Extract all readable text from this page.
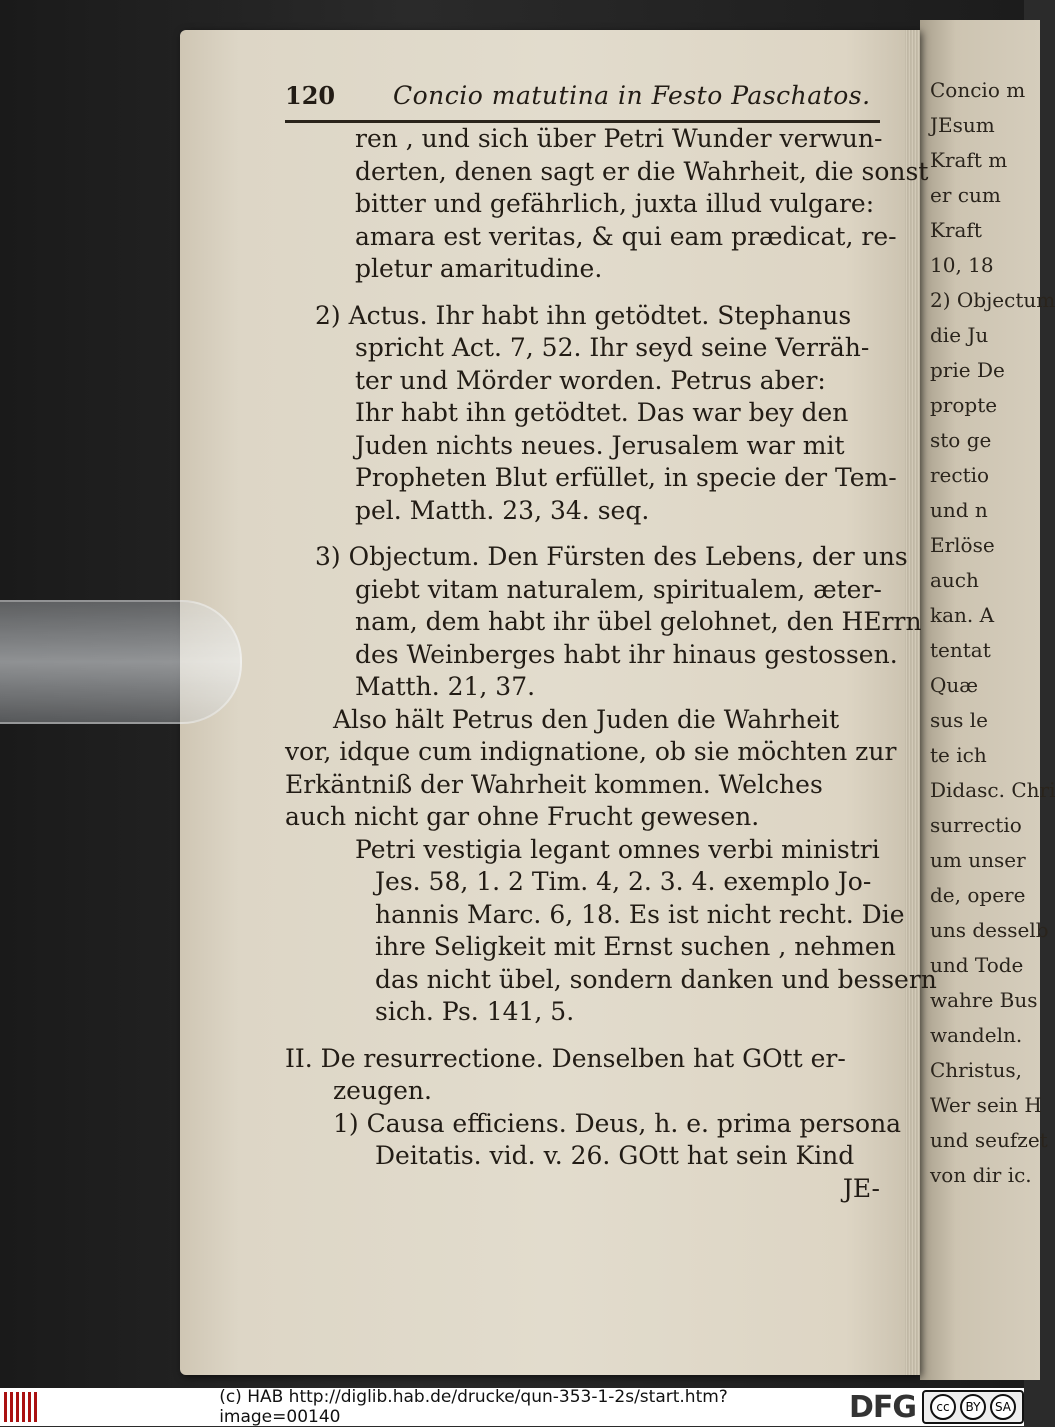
Concio m
JEsum
Kraft m
er cum
Kraft
10, 18
2) Objectum
die Ju
prie De
propte
sto ge
rectio
und n
Erlöse
auch
kan. A
tentat
Quæ
sus le
te ich
Didasc. Chri
surrectio
um unser
de, opere
uns desselb
und Tode
wahre Bus
wandeln.
Christus,
Wer sein H
und seufzet
von dir ic.
120	Concio matutina in Festo Paschatos.
ren , und sich über Petri Wunder verwun-
derten, denen sagt er die Wahrheit, die sonst
bitter und gefährlich, juxta illud vulgare:
amara est veritas, & qui eam prædicat, re-
pletur amaritudine.
2) Actus. Ihr habt ihn getödtet. Stephanus
spricht Act. 7, 52. Ihr seyd seine Verräh-
ter und Mörder worden. Petrus aber:
Ihr habt ihn getödtet. Das war bey den
Juden nichts neues. Jerusalem war mit
Propheten Blut erfüllet, in specie der Tem-
pel. Matth. 23, 34. seq.
3) Objectum. Den Fürsten des Lebens, der uns
giebt vitam naturalem, spiritualem, æter-
nam, dem habt ihr übel gelohnet, den HErrn
des Weinberges habt ihr hinaus gestossen.
Matth. 21, 37.
Also hält Petrus den Juden die Wahrheit
vor, idque cum indignatione, ob sie möchten zur
Erkäntniß der Wahrheit kommen. Welches
auch nicht gar ohne Frucht gewesen.
Petri vestigia legant omnes verbi ministri
Jes. 58, 1. 2 Tim. 4, 2. 3. 4. exemplo Jo-
hannis Marc. 6, 18. Es ist nicht recht. Die
ihre Seligkeit mit Ernst suchen , nehmen
das nicht übel, sondern danken und bessern
sich. Ps. 141, 5.
II. De resurrectione. Denselben hat GOtt er-
zeugen.
1) Causa efficiens. Deus, h. e. prima persona
Deitatis. vid. v. 26. GOtt hat sein Kind
JE-
(c) HAB http://diglib.hab.de/drucke/qun-353-1-2s/start.htm?image=00140	DFG	cc	BY	SA
